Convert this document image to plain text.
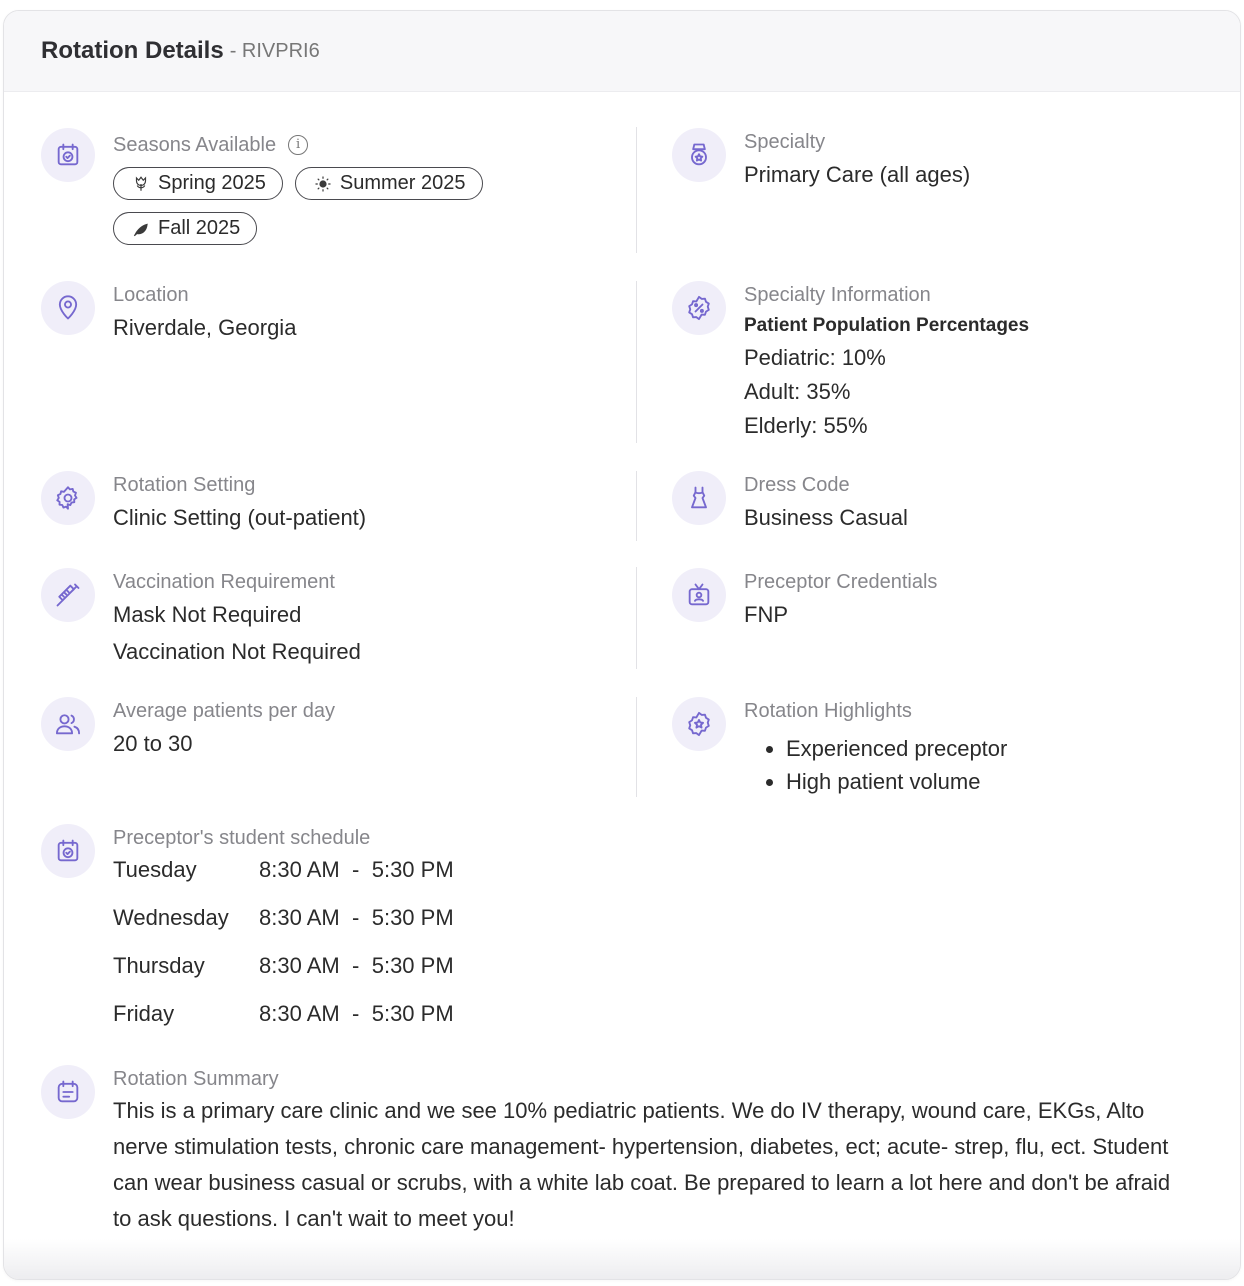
Rotation Details - RIVPRI6
Seasons Available	i
Spring 2025	Summer 2025
Fall 2025
Specialty
Primary Care (all ages)
Location
Riverdale, Georgia
Specialty Information
Patient Population Percentages
Pediatric: 10%
Adult: 35%
Elderly: 55%
Rotation Setting
Clinic Setting (out-patient)
Dress Code
Business Casual
Vaccination Requirement
Mask Not Required
Vaccination Not Required
Preceptor Credentials
FNP
Average patients per day
20 to 30
Rotation Highlights
• Experienced preceptor
• High patient volume
Preceptor's student schedule
Tuesday	8:30 AM - 5:30 PM
Wednesday	8:30 AM - 5:30 PM
Thursday	8:30 AM - 5:30 PM
Friday	8:30 AM - 5:30 PM
Rotation Summary
This is a primary care clinic and we see 10% pediatric patients. We do IV therapy, wound care, EKGs, Alto nerve stimulation tests, chronic care management- hypertension, diabetes, ect; acute- strep, flu, ect. Student can wear business casual or scrubs, with a white lab coat. Be prepared to learn a lot here and don't be afraid to ask questions. I can't wait to meet you!
